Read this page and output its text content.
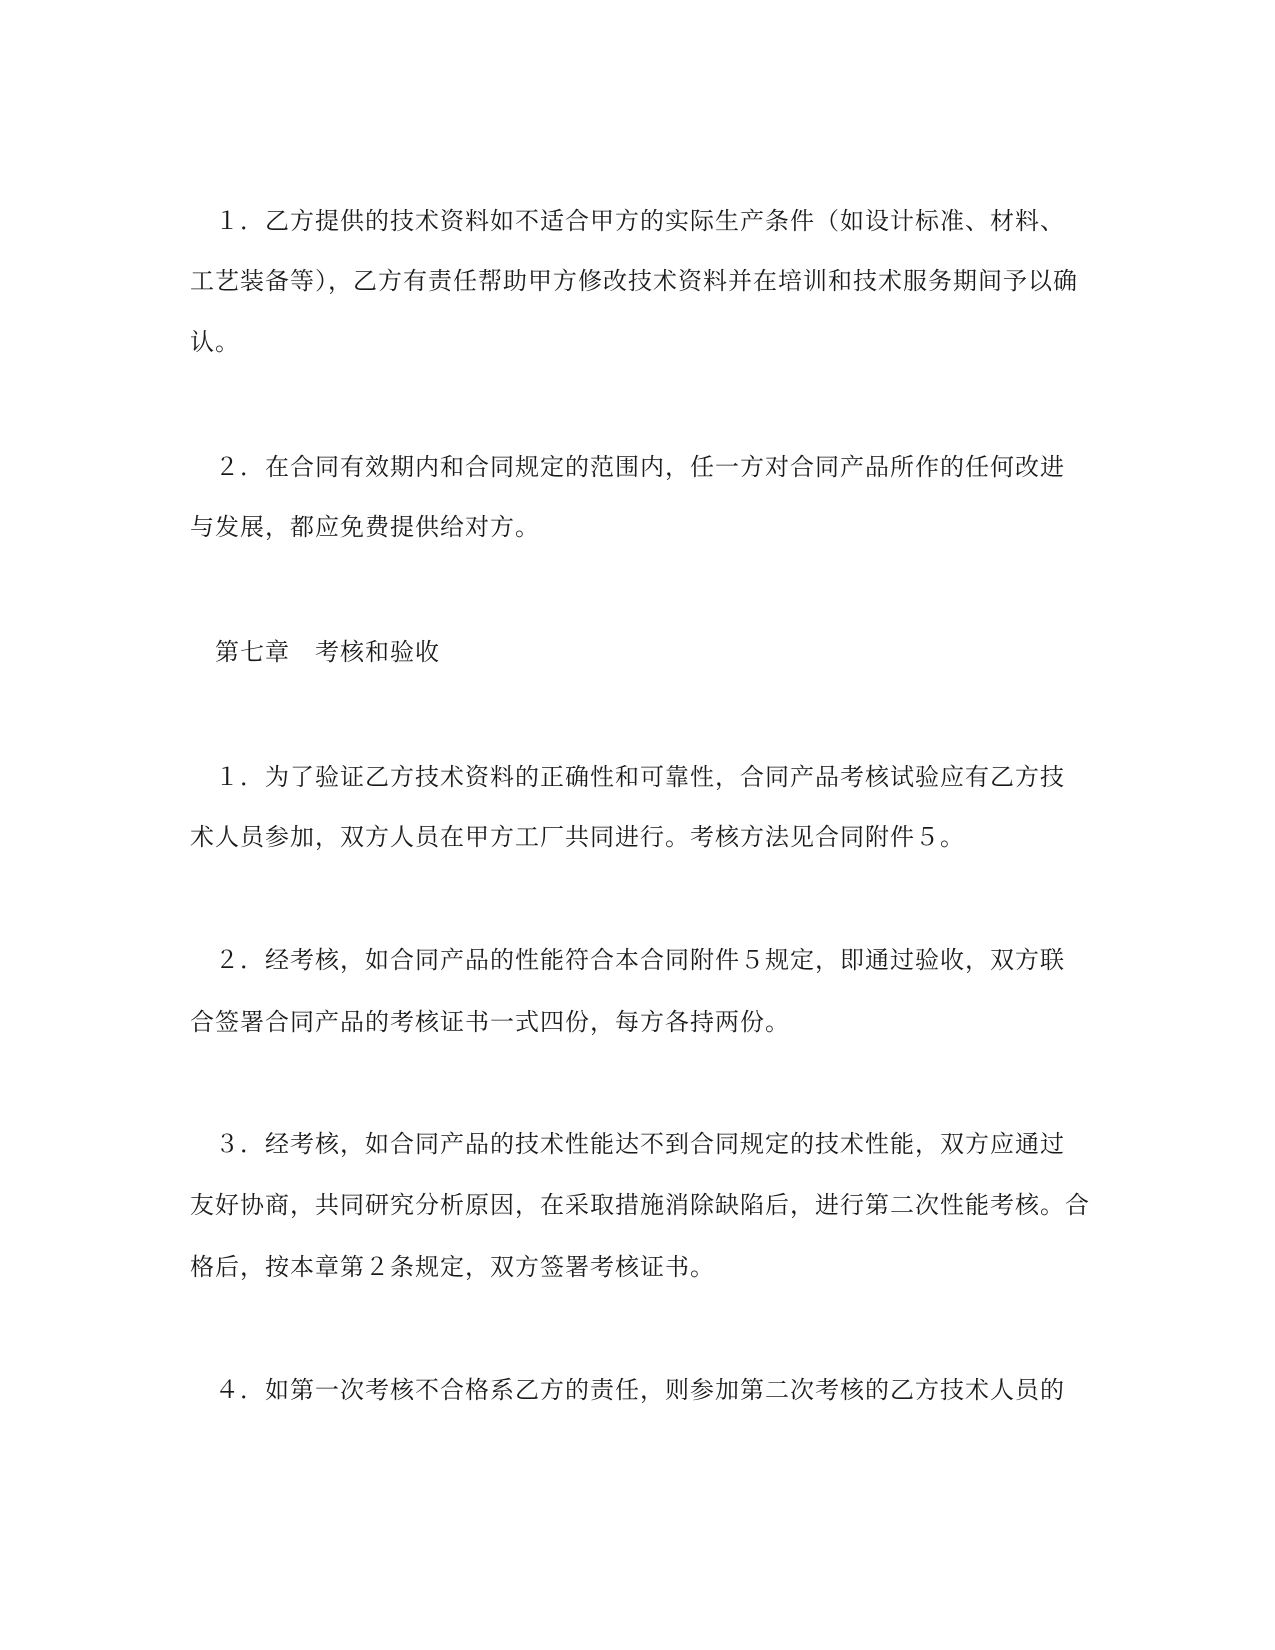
　１．乙方提供的技术资料如不适合甲方的实际生产条件（如设计标准、材料、
工艺装备等），乙方有责任帮助甲方修改技术资料并在培训和技术服务期间予以确
认。
　２．在合同有效期内和合同规定的范围内，任一方对合同产品所作的任何改进
与发展，都应免费提供给对方。
　第七章　考核和验收
　１．为了验证乙方技术资料的正确性和可靠性，合同产品考核试验应有乙方技
术人员参加，双方人员在甲方工厂共同进行。考核方法见合同附件５。
　２．经考核，如合同产品的性能符合本合同附件５规定，即通过验收，双方联
合签署合同产品的考核证书一式四份，每方各持两份。
　３．经考核，如合同产品的技术性能达不到合同规定的技术性能，双方应通过
友好协商，共同研究分析原因，在采取措施消除缺陷后，进行第二次性能考核。合
格后，按本章第２条规定，双方签署考核证书。
　４．如第一次考核不合格系乙方的责任，则参加第二次考核的乙方技术人员的
